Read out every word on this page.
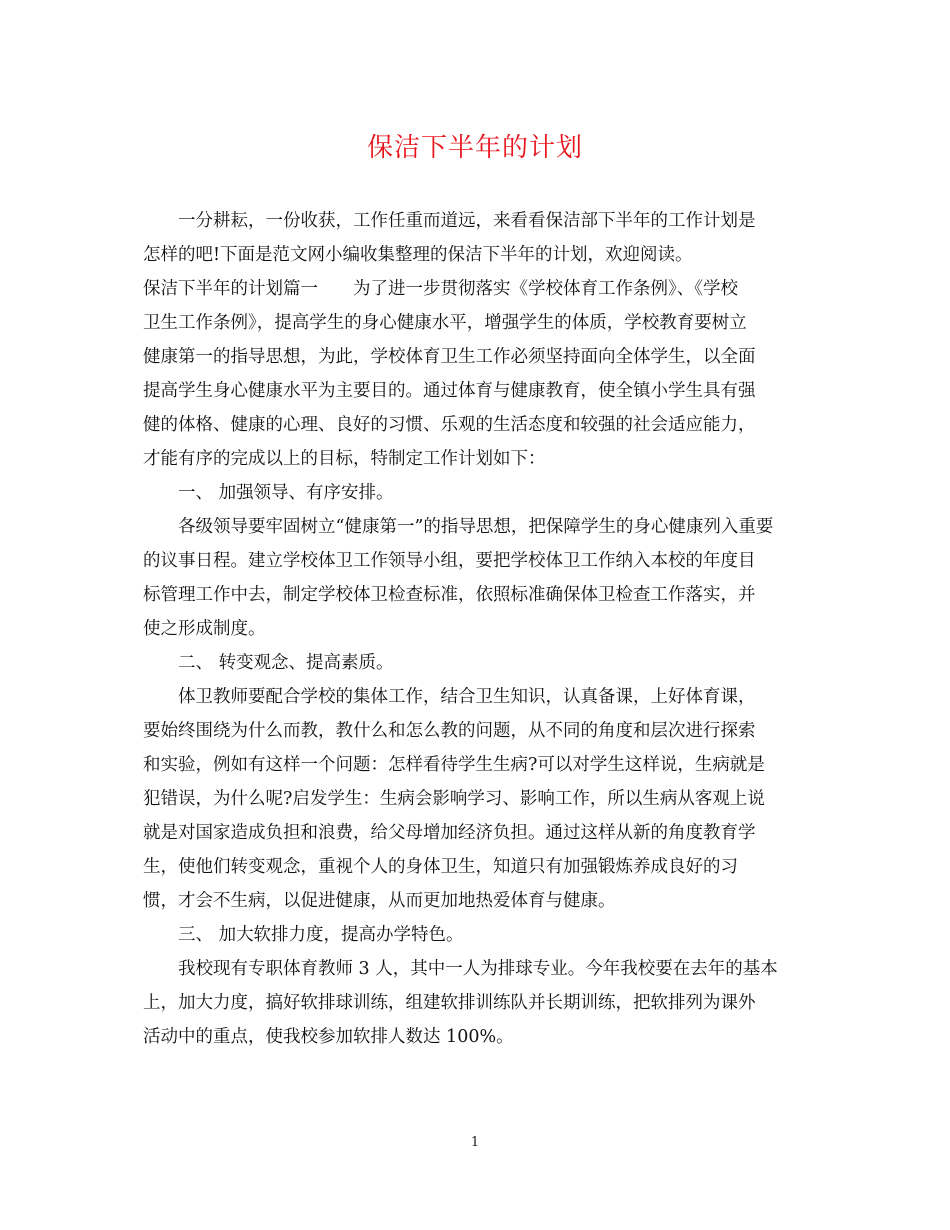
保洁下半年的计划

一分耕耘，一份收获，工作任重而道远，来看看保洁部下半年的工作计划是

怎样的吧!下面是范文网小编收集整理的保洁下半年的计划，欢迎阅读。

保洁下半年的计划篇一　　为了进一步贯彻落实《学校体育工作条例》、《学校

卫生工作条例》，提高学生的身心健康水平，增强学生的体质，学校教育要树立

健康第一的指导思想，为此，学校体育卫生工作必须坚持面向全体学生，以全面

提高学生身心健康水平为主要目的。通过体育与健康教育，使全镇小学生具有强

健的体格、健康的心理、良好的习惯、乐观的生活态度和较强的社会适应能力，

才能有序的完成以上的目标，特制定工作计划如下：

一、 加强领导、有序安排。

各级领导要牢固树立“健康第一”的指导思想，把保障学生的身心健康列入重要

的议事日程。建立学校体卫工作领导小组，要把学校体卫工作纳入本校的年度目

标管理工作中去，制定学校体卫检查标准，依照标准确保体卫检查工作落实，并

使之形成制度。

二、 转变观念、提高素质。

体卫教师要配合学校的集体工作，结合卫生知识，认真备课，上好体育课，

要始终围绕为什么而教，教什么和怎么教的问题，从不同的角度和层次进行探索

和实验，例如有这样一个问题：怎样看待学生生病?可以对学生这样说，生病就是

犯错误，为什么呢?启发学生：生病会影响学习、影响工作，所以生病从客观上说

就是对国家造成负担和浪费，给父母增加经济负担。通过这样从新的角度教育学

生，使他们转变观念，重视个人的身体卫生，知道只有加强锻炼养成良好的习

惯，才会不生病，以促进健康，从而更加地热爱体育与健康。

三、 加大软排力度，提高办学特色。

我校现有专职体育教师 3 人，其中一人为排球专业。今年我校要在去年的基本

上，加大力度，搞好软排球训练，组建软排训练队并长期训练，把软排列为课外

活动中的重点，使我校参加软排人数达 100%。

1
